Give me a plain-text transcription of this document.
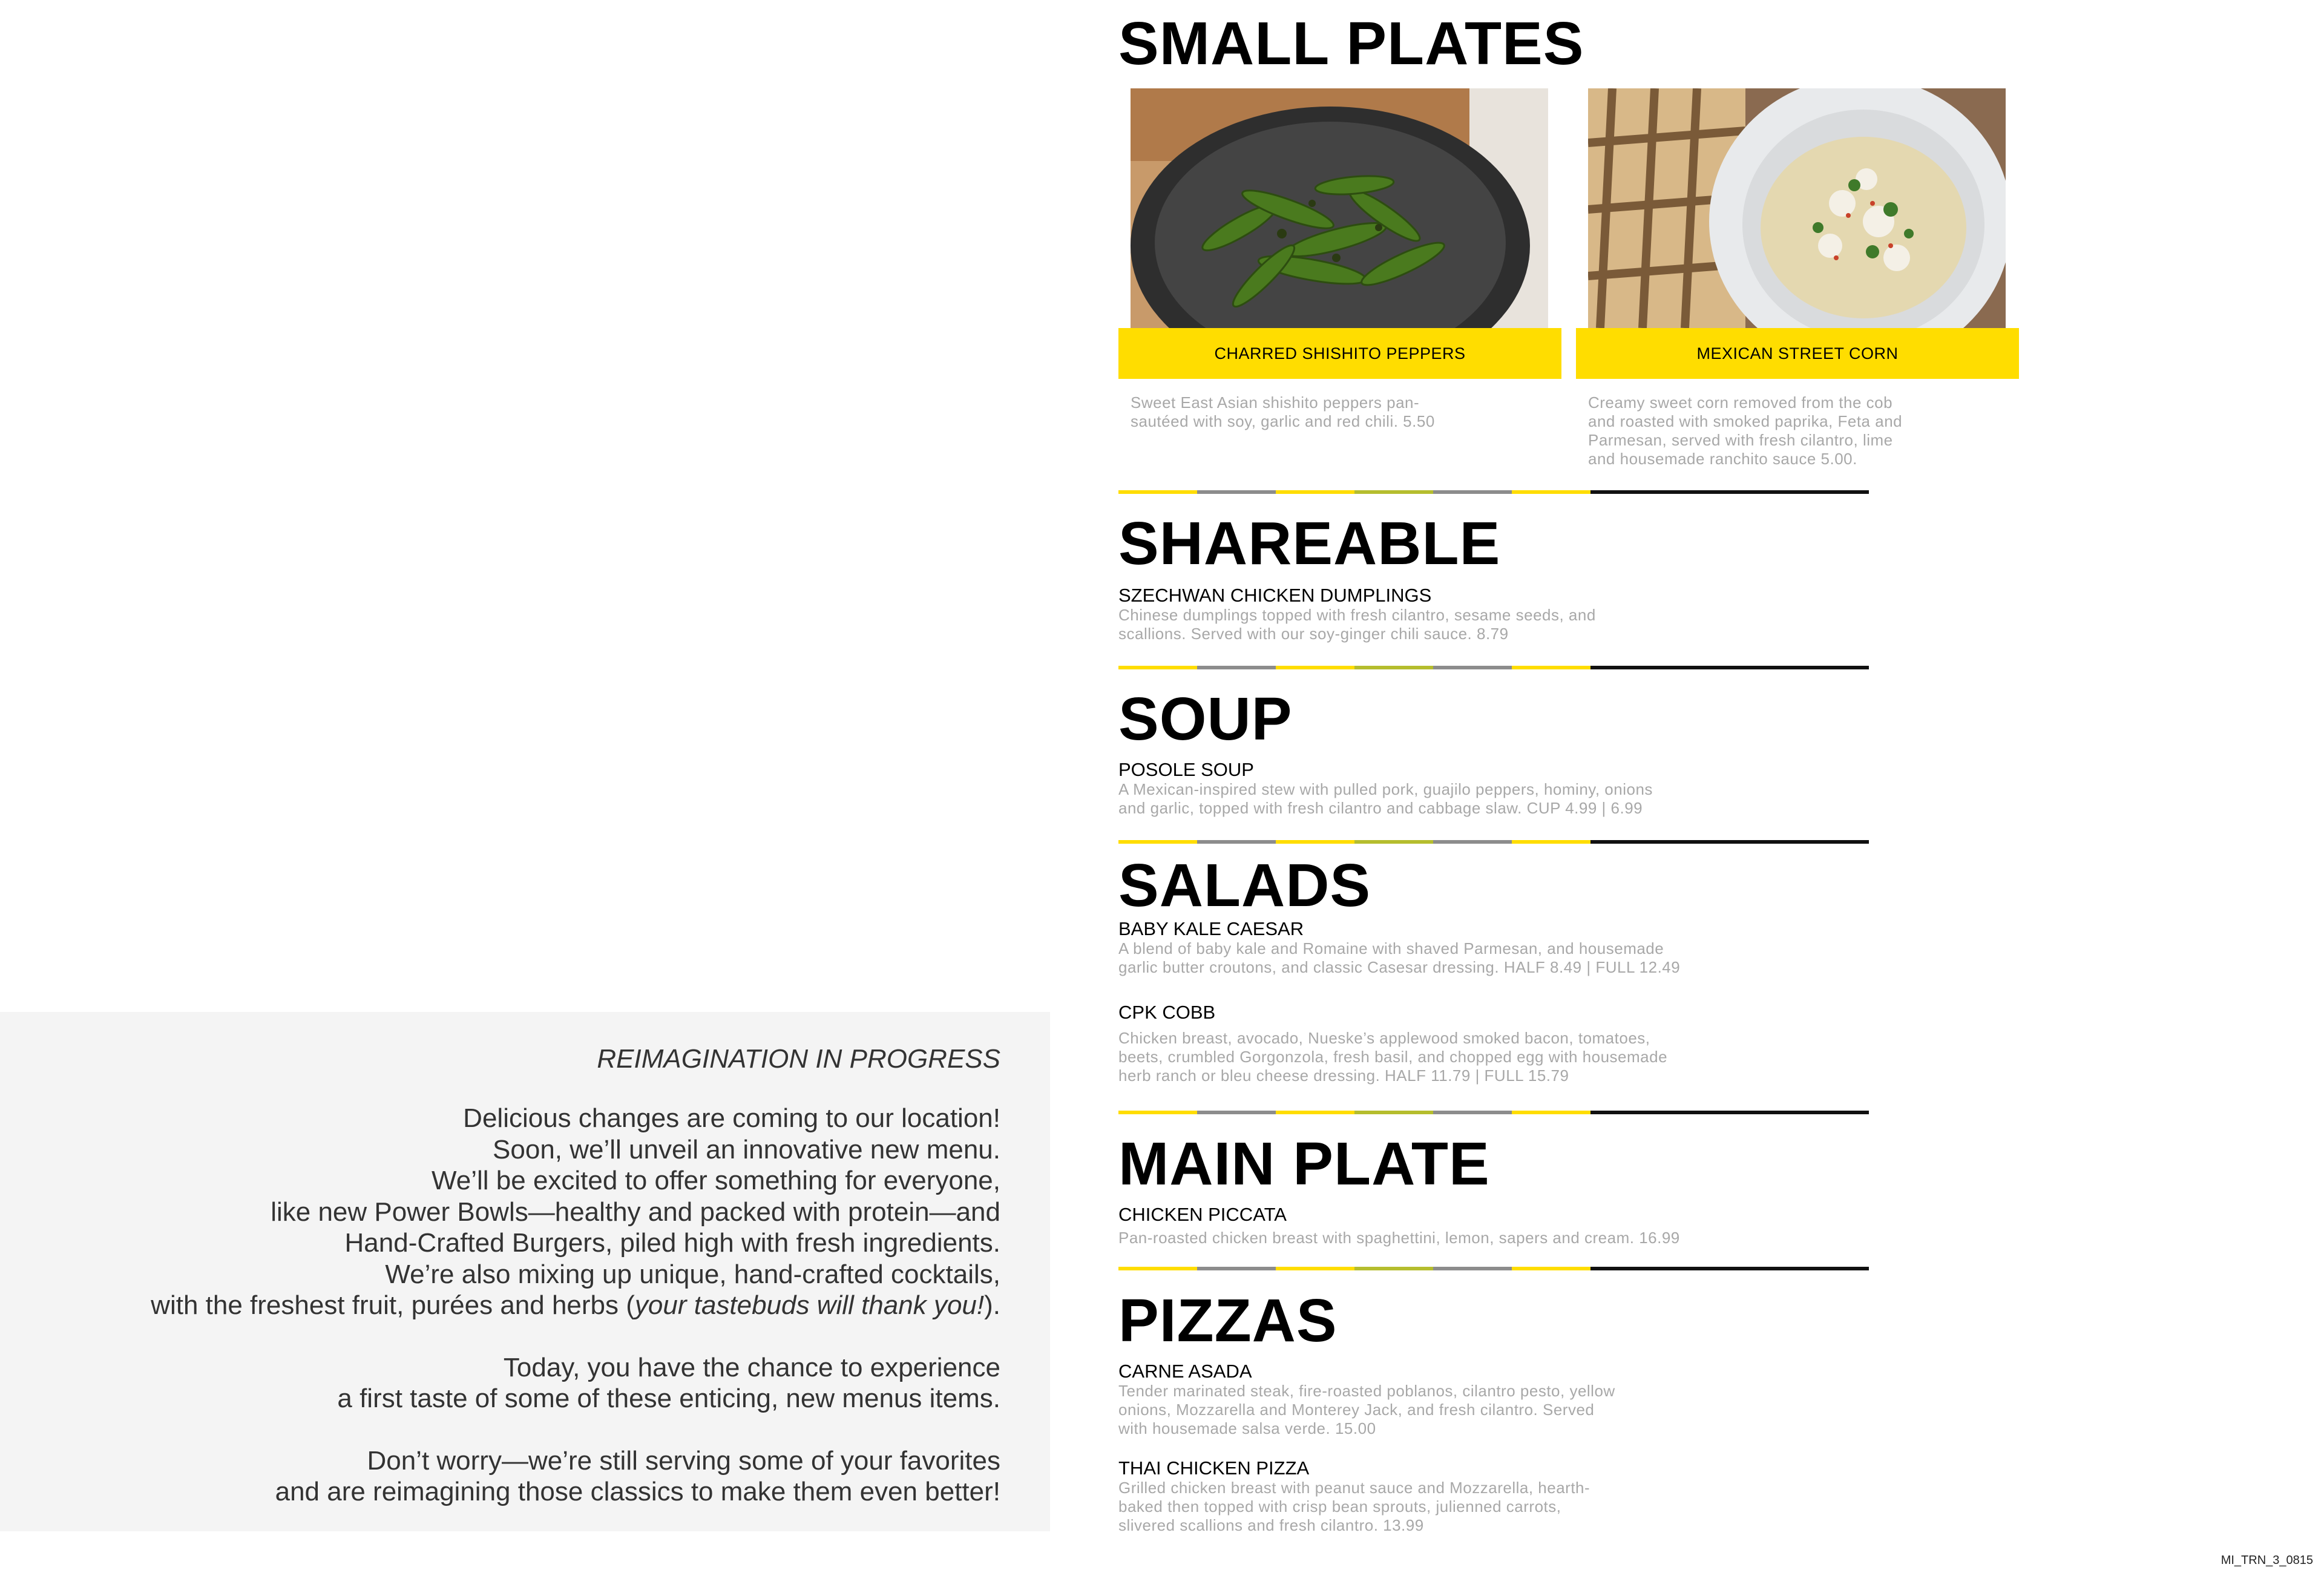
REIMAGINATION IN PROGRESS

Delicious changes are coming to our location!
Soon, we’ll unveil an innovative new menu.
We’ll be excited to offer something for everyone,
like new Power Bowls—healthy and packed with protein—and
Hand-Crafted Burgers, piled high with fresh ingredients.
We’re also mixing up unique, hand-crafted cocktails,
with the freshest fruit, purées and herbs (your tastebuds will thank you!).

Today, you have the chance to experience
a first taste of some of these enticing, new menus items.

Don’t worry—we’re still serving some of your favorites
and are reimagining those classics to make them even better!

SMALL PLATES
CHARRED SHISHITO PEPPERS
Sweet East Asian shishito peppers pan-
sautéed with soy, garlic and red chili. 5.50
MEXICAN STREET CORN
Creamy sweet corn removed from the cob
and roasted with smoked paprika, Feta and
Parmesan, served with fresh cilantro, lime
and housemade ranchito sauce 5.00.
SHAREABLE
SZECHWAN CHICKEN DUMPLINGS
Chinese dumplings topped with fresh cilantro, sesame seeds, and
scallions. Served with our soy-ginger chili sauce. 8.79
SOUP
POSOLE SOUP
A Mexican-inspired stew with pulled pork, guajilo peppers, hominy, onions
and garlic, topped with fresh cilantro and cabbage slaw. CUP 4.99 | 6.99
SALADS
BABY KALE CAESAR
A blend of baby kale and Romaine with shaved Parmesan, and housemade
garlic butter croutons, and classic Casesar dressing. HALF 8.49 | FULL 12.49
CPK COBB
Chicken breast, avocado, Nueske’s applewood smoked bacon, tomatoes,
beets, crumbled Gorgonzola, fresh basil, and chopped egg with housemade
herb ranch or bleu cheese dressing. HALF 11.79 | FULL 15.79
MAIN PLATE
CHICKEN PICCATA
Pan-roasted chicken breast with spaghettini, lemon, sapers and cream. 16.99
PIZZAS
CARNE ASADA
Tender marinated steak, fire-roasted poblanos, cilantro pesto, yellow
onions, Mozzarella and Monterey Jack, and fresh cilantro. Served
with housemade salsa verde. 15.00
THAI CHICKEN PIZZA
Grilled chicken breast with peanut sauce and Mozzarella, hearth-
baked then topped with crisp bean sprouts, julienned carrots,
slivered scallions and fresh cilantro. 13.99
MI_TRN_3_0815
